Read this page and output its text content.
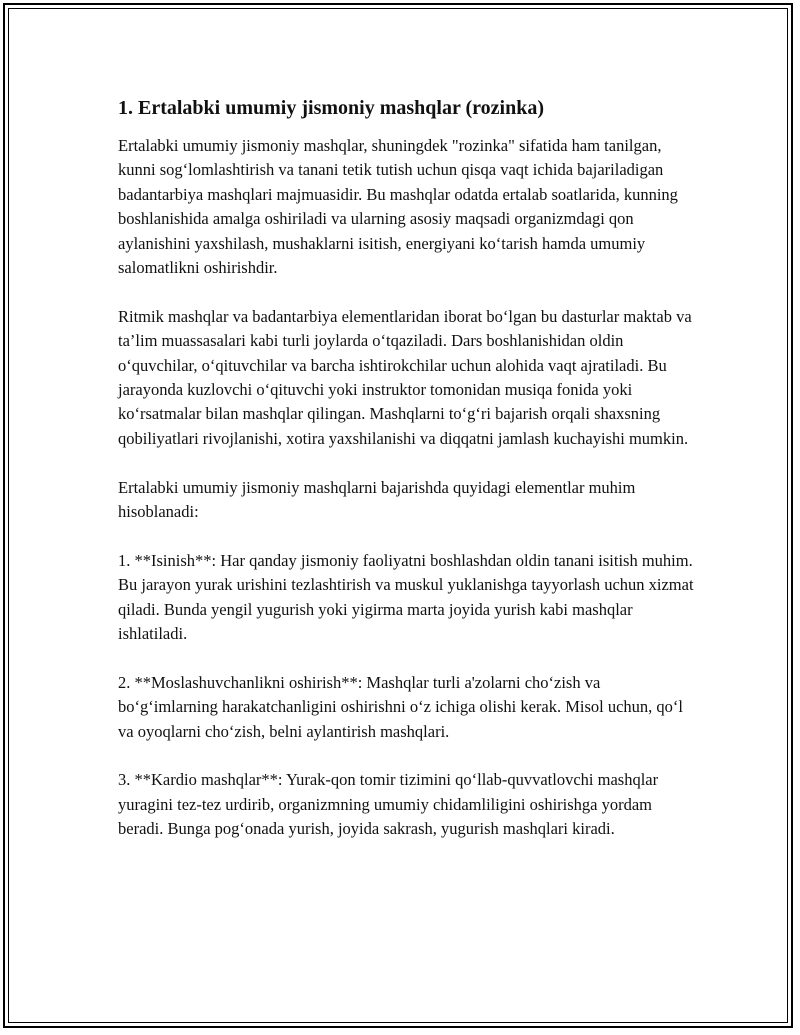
1. Ertalabki umumiy jismoniy mashqlar (rozinka)

Ertalabki umumiy jismoniy mashqlar, shuningdek "rozinka" sifatida ham tanilgan, kunni sog‘lomlashtirish va tanani tetik tutish uchun qisqa vaqt ichida bajariladigan badantarbiya mashqlari majmuasidir. Bu mashqlar odatda ertalab soatlarida, kunning boshlanishida amalga oshiriladi va ularning asosiy maqsadi organizmdagi qon aylanishini yaxshilash, mushaklarni isitish, energiyani ko‘tarish hamda umumiy salomatlikni oshirishdir.

Ritmik mashqlar va badantarbiya elementlaridan iborat bo‘lgan bu dasturlar maktab va ta’lim muassasalari kabi turli joylarda o‘tqaziladi. Dars boshlanishidan oldin o‘quvchilar, o‘qituvchilar va barcha ishtirokchilar uchun alohida vaqt ajratiladi. Bu jarayonda kuzlovchi o‘qituvchi yoki instruktor tomonidan musiqa fonida yoki ko‘rsatmalar bilan mashqlar qilingan. Mashqlarni to‘g‘ri bajarish orqali shaxsning qobiliyatlari rivojlanishi, xotira yaxshilanishi va diqqatni jamlash kuchayishi mumkin.

Ertalabki umumiy jismoniy mashqlarni bajarishda quyidagi elementlar muhim hisoblanadi:

1. **Isinish**: Har qanday jismoniy faoliyatni boshlashdan oldin tanani isitish muhim. Bu jarayon yurak urishini tezlashtirish va muskul yuklanishga tayyorlash uchun xizmat qiladi. Bunda yengil yugurish yoki yigirma marta joyida yurish kabi mashqlar ishlatiladi.

2. **Moslashuvchanlikni oshirish**: Mashqlar turli a'zolarni cho‘zish va bo‘g‘imlarning harakatchanligini oshirishni o‘z ichiga olishi kerak. Misol uchun, qo‘l va oyoqlarni cho‘zish, belni aylantirish mashqlari.

3. **Kardio mashqlar**: Yurak-qon tomir tizimini qo‘llab-quvvatlovchi mashqlar yuragini tez-tez urdirib, organizmning umumiy chidamliligini oshirishga yordam beradi. Bunga pog‘onada yurish, joyida sakrash, yugurish mashqlari kiradi.
